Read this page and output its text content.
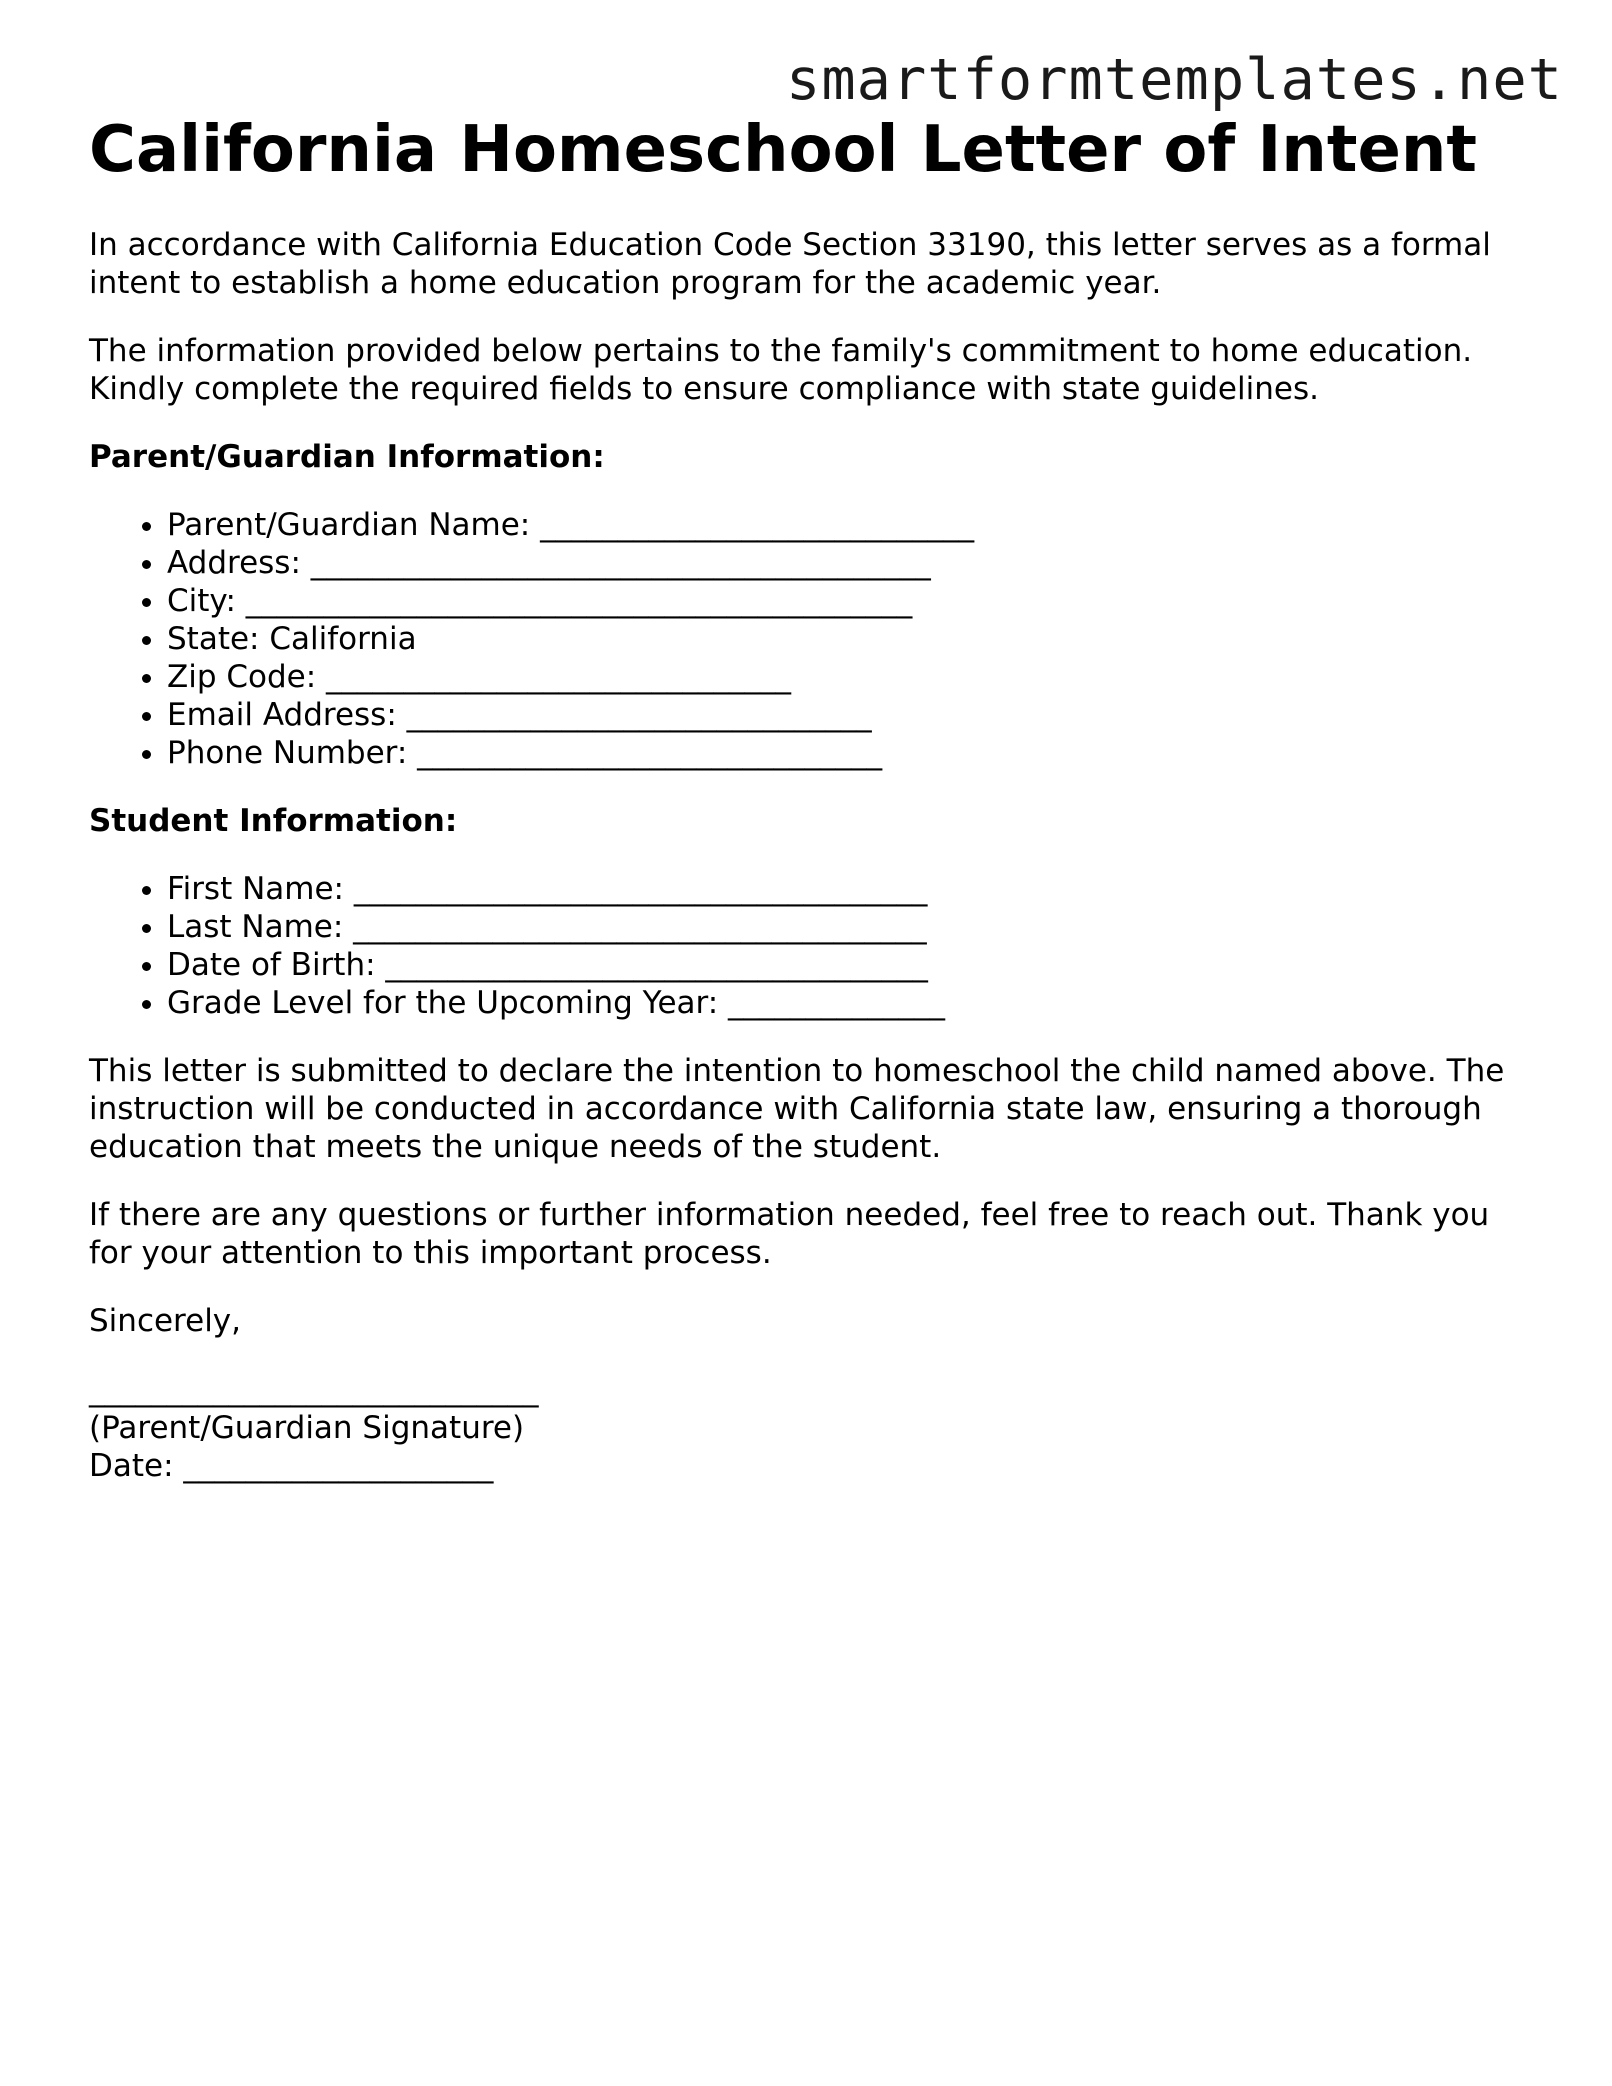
smartformtemplates.net
California Homeschool Letter of Intent

In accordance with California Education Code Section 33190, this letter serves as a formal intent to establish a home education program for the academic year.

The information provided below pertains to the family's commitment to home education. Kindly complete the required fields to ensure compliance with state guidelines.

Parent/Guardian Information:

• Parent/Guardian Name: ____________________________
• Address: ________________________________________
• City: ___________________________________________
• State: California
• Zip Code: ______________________________
• Email Address: ______________________________
• Phone Number: ______________________________

Student Information:

• First Name: _____________________________________
• Last Name: _____________________________________
• Date of Birth: ___________________________________
• Grade Level for the Upcoming Year: ______________

This letter is submitted to declare the intention to homeschool the child named above. The instruction will be conducted in accordance with California state law, ensuring a thorough education that meets the unique needs of the student.

If there are any questions or further information needed, feel free to reach out. Thank you for your attention to this important process.

Sincerely,
_____________________________
(Parent/Guardian Signature)
Date: ____________________
